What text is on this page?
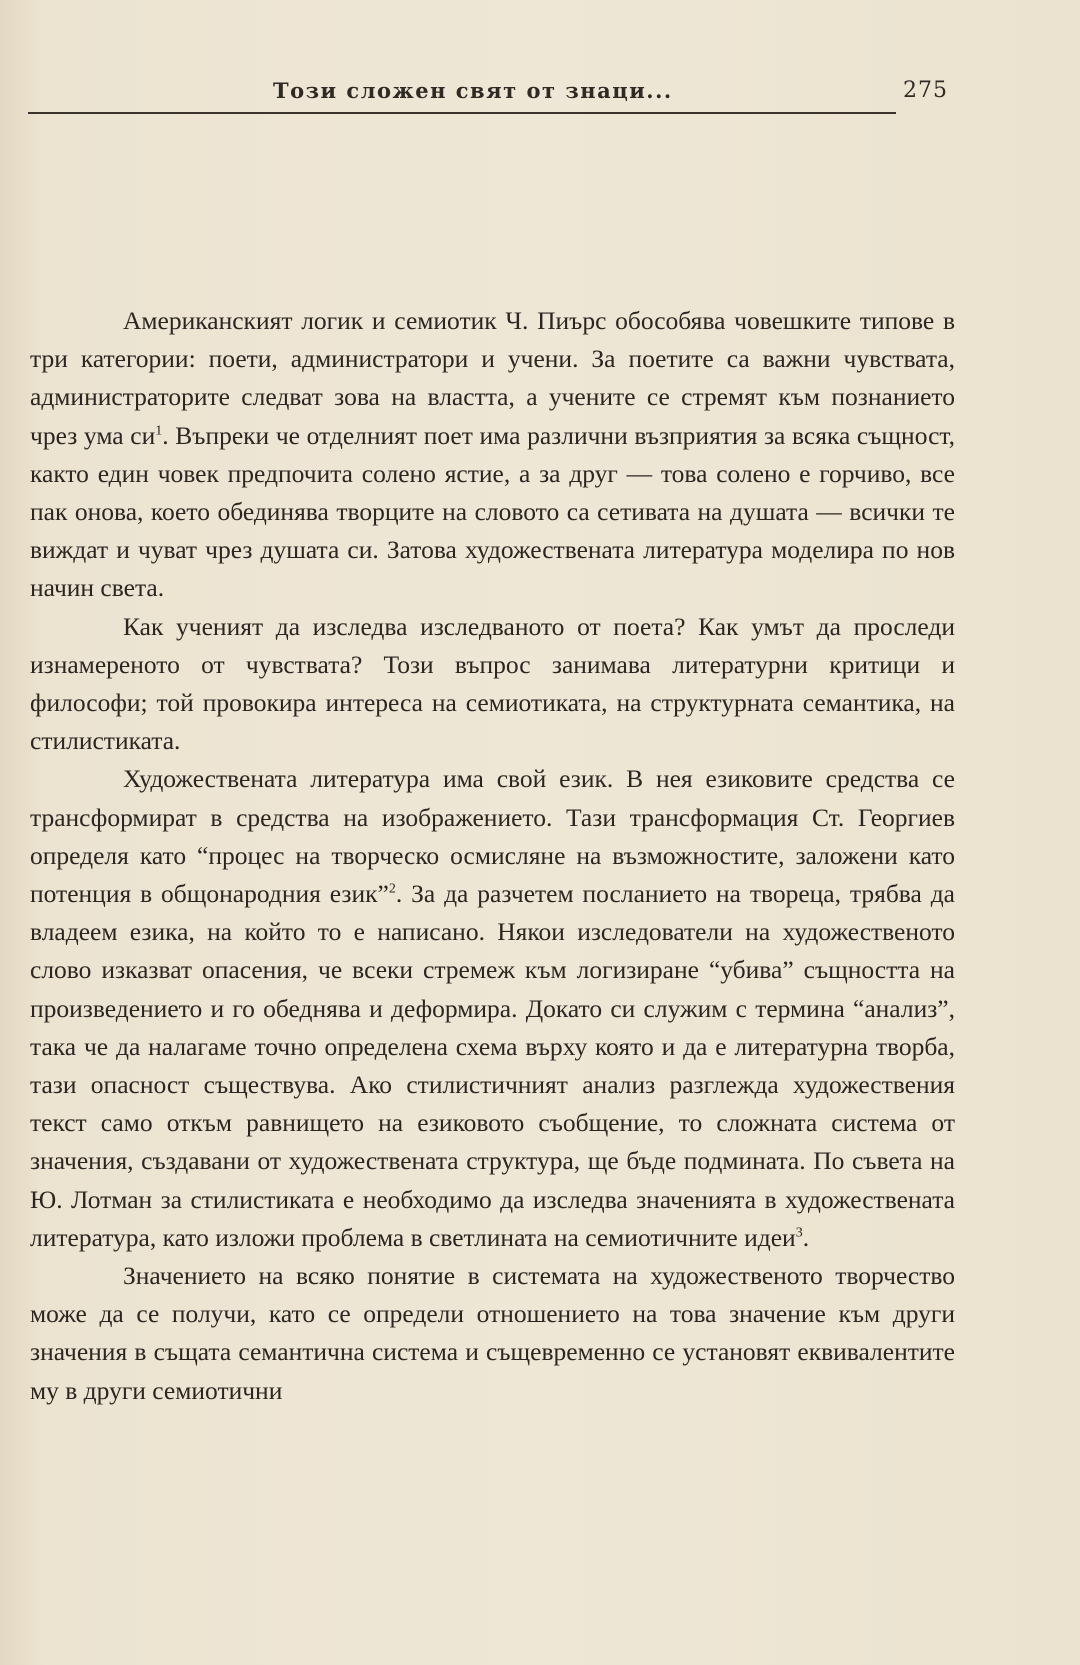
Този сложен свят от знаци...	275

Американският логик и семиотик Ч. Пиърс обособява човешките типове в три категории: поети, администратори и учени. За поетите са важни чувствата, администраторите следват зова на властта, а учените се стремят към познанието чрез ума $си^1$. Въпреки че отделният поет има различни възприятия за всяка същност, както един човек предпочита солено ястие, а за друг — това солено е горчиво, все пак онова, което обединява творците на словото са сетивата на душата — всички те виждат и чуват чрез душата си. Затова художествената литература моделира по нов начин света.

Как ученият да изследва изследваното от поета? Как умът да проследи изнамереното от чувствата? Този въпрос занимава литературни критици и философи; той провокира интереса на семиотиката, на структурната семантика, на стилистиката.

Художествената литература има свой език. В нея езиковите средства се трансформират в средства на изображението. Тази трансформация Ст. Георгиев определя като “процес на творческо осмисляне на възможностите, заложени като потенция в общонародния език”$^2$. За да разчетем посланието на твореца, трябва да владеем езика, на който то е написано. Някои изследователи на художественото слово изказват опасения, че всеки стремеж към логизиране “убива” същността на произведението и го обеднява и деформира. Докато си служим с термина “анализ”, така че да налагаме точно определена схема върху която и да е литературна творба, тази опасност съществува. Ако стилистичният анализ разглежда художествения текст само откъм равнището на езиковото съобщение, то сложната система от значения, създавани от художествената структура, ще бъде подмината. По съвета на Ю. Лотман за стилистиката е необходимо да изследва значенията в художествената литература, като изложи проблема в светлината на семиотичните идеи$^3$.

Значението на всяко понятие в системата на художественото творчество може да се получи, като се определи отношението на това значение към други значения в същата семантична система и същевременно се установят еквивалентите му в други семиотични
